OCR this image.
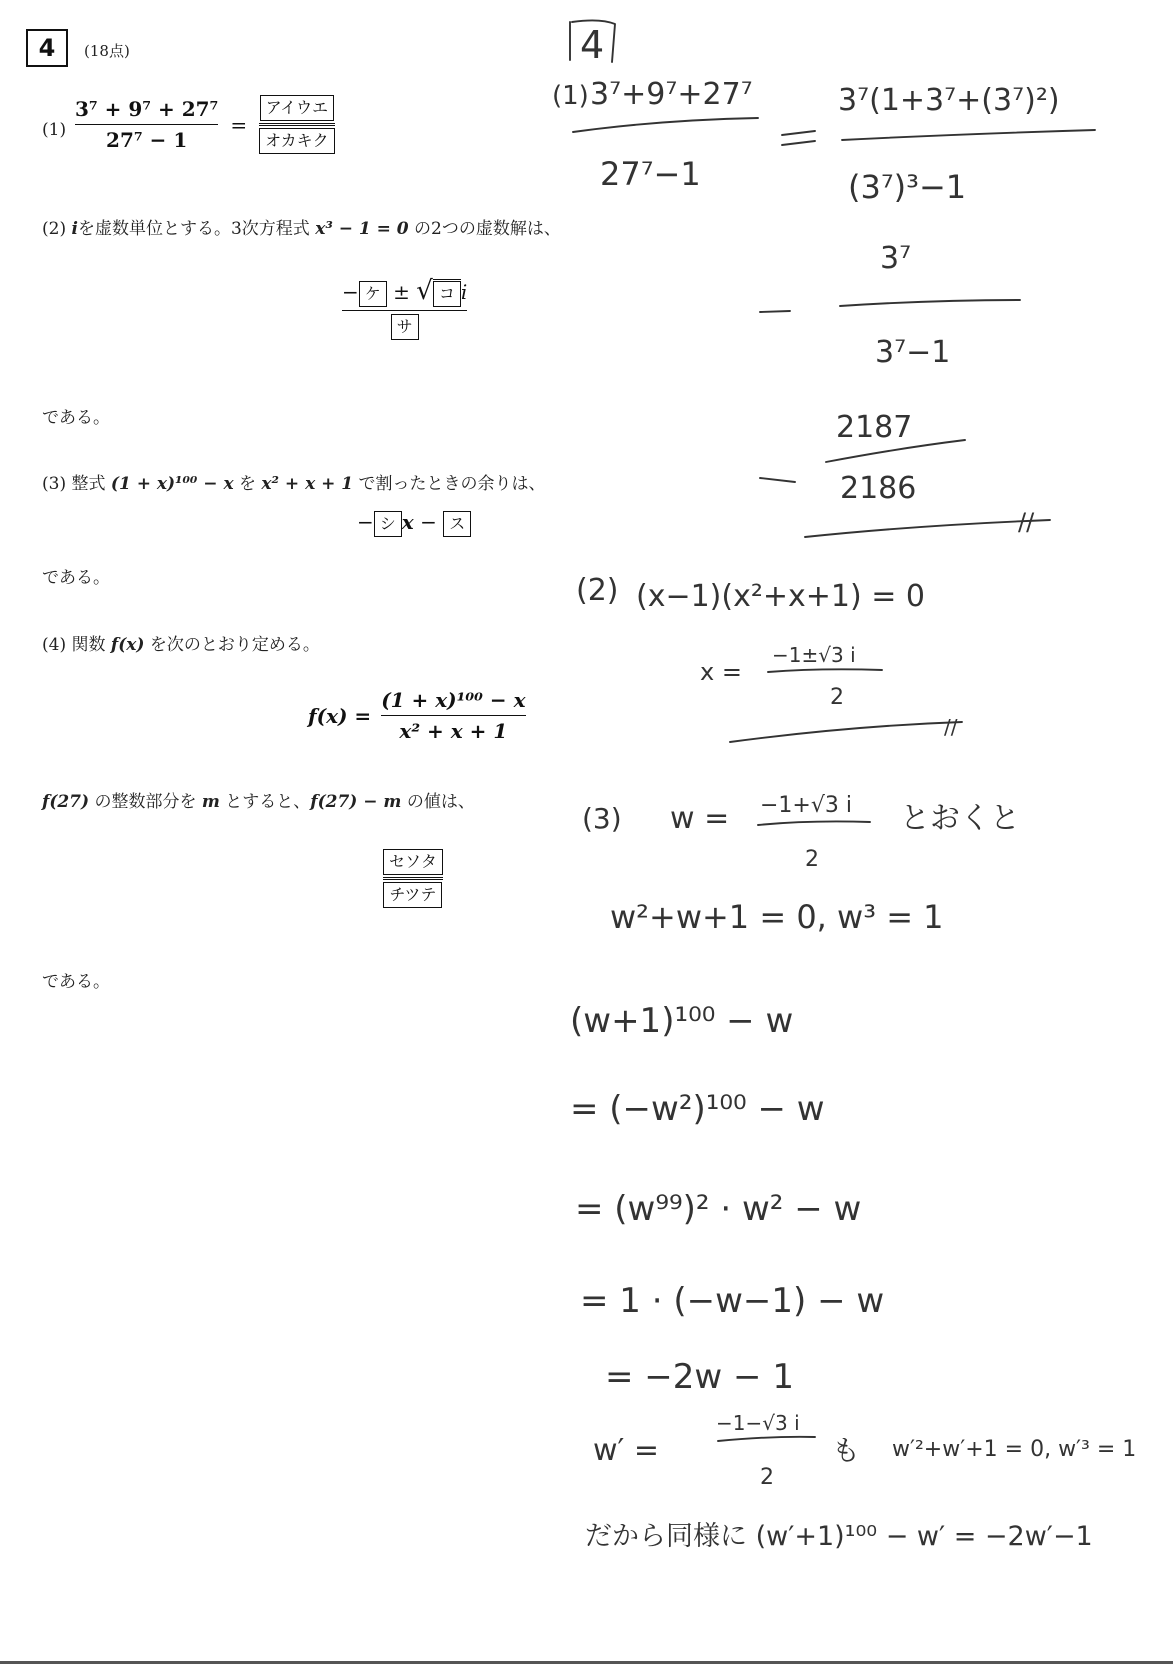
4	(18点)
$(1) \frac{\text{3⁷ + 9⁷ + 27⁷}}{\text{27⁷ − 1}} = \frac{\text{アイウエ}}{\text{オカキク}}$
(2) iを虚数単位とする。3次方程式 x³ − 1 = 0 の2つの虚数解は、
$\frac{\text{− ケ ± √ コ i}}{\text{サ}}$
である。
(3) 整式 (1 + x)¹⁰⁰ − x を x² + x + 1 で割ったときの余りは、
− シ x − ス
である。
(4) 関数 f(x) を次のとおり定める。
$f(x) = \frac{\text{(1 + x)¹⁰⁰ − x}}{\text{x² + x + 1}}$
f(27) の整数部分を m とすると、f(27) − m の値は、
$\frac{\text{セソタ}}{\text{チツテ}}$
である。
4
(1) 3⁷+9⁷+27⁷
27⁷−1
3⁷(1+3⁷+(3⁷)²)
(3⁷)³−1
3⁷
3⁷−1
2187
2186
//
(2) (x−1)(x²+x+1) = 0
x =
−1±√3 i
2
//
(3) w = −1+√3 i
2
とおくと
w²+w+1 = 0, w³ = 1
(w+1)¹⁰⁰ − w
= (−w²)¹⁰⁰ − w
= (w⁹⁹)² · w² − w
= 1 · (−w−1) − w
= −2w − 1
w′ =
−1−√3 i
2
も w′²+w′+1 = 0, w′³ = 1
だから同様に (w′+1)¹⁰⁰ − w′ = −2w′−1
